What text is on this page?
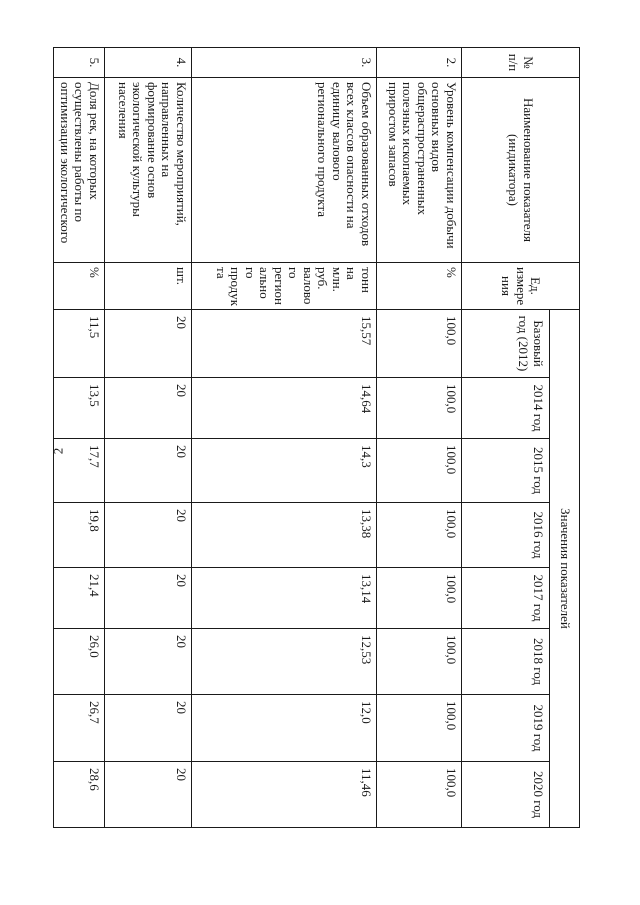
2
№ п/п	Наименование показателя (индикатора)	Ед. измере ния	Значения показателей							
			Базовый год (2012)	2014 год	2015 год	2016 год	2017 год	2018 год	2019 год	2020 год
2.	Уровень компенсации добычи основных видов общераспространенных полезных ископаемых приростом запасов	%	100,0	100,0	100,0	100,0	100,0	100,0	100,0	100,0
3.	Объем образованных отходов всех классов опасности на единицу валового регионального продукта	тонн на млн. руб. валово го регион ально го продук та	15,57	14,64	14,3	13,38	13,14	12,53	12,0	11,46
4.	Количество мероприятий, направленных на формирование основ экологической культуры населения	шт.	20	20	20	20	20	20	20	20
5.	Доля рек, на которых осуществлены работы по оптимизации экологического	%	11,5	13,5	17,7	19,8	21,4	26,0	26,7	28,6
